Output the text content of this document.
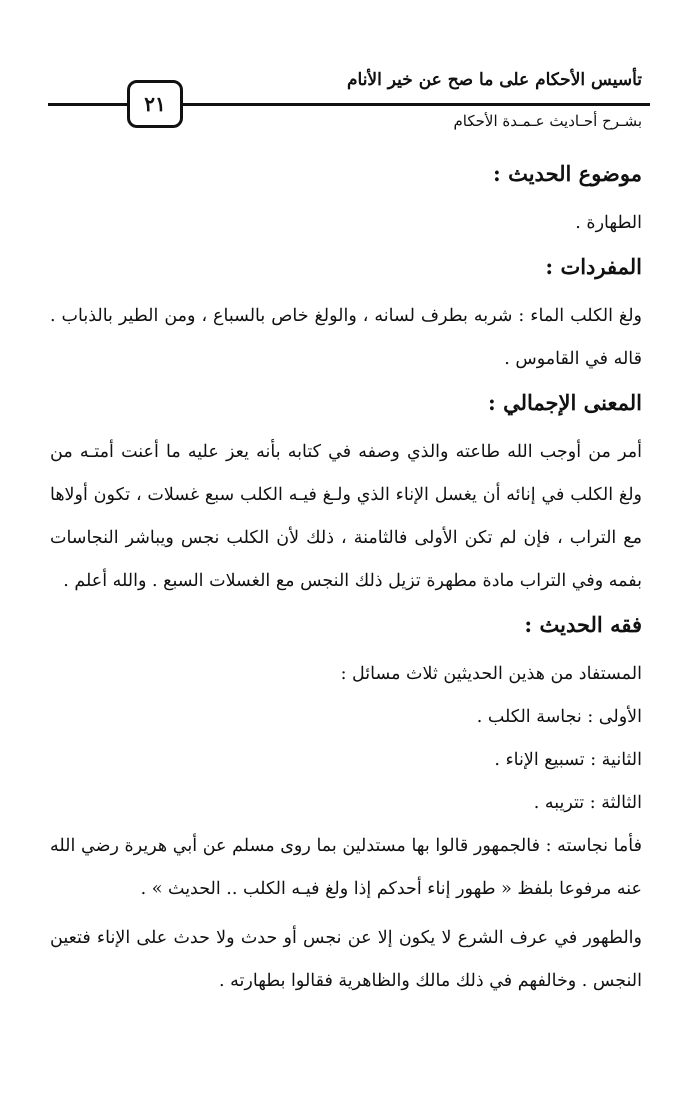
تأسيس الأحكام على ما صح عن خير الأنام
بشـرح أحـاديث عـمـدة الأحكام
٢١

موضوع الحديث :

الطهارة .

المفردات :

ولغ الكلب الماء : شربه بطرف لسانه ، والولغ خاص بالسباع ، ومن الطير بالذباب . قاله في القاموس .

المعنى الإجمالي :

أمر من أوجب الله طاعته والذي وصفه في كتابه بأنه يعز عليه ما أعنت أمتـه من ولغ الكلب في إنائه أن يغسل الإناء الذي ولـغ فيـه الكلب سبع غسلات ، تكون أولاها مع التراب ، فإن لم تكن الأولى فالثامنة ، ذلك لأن الكلب نجس ويباشر النجاسات بفمه وفي التراب مادة مطهرة تزيل ذلك النجس مع الغسلات السبع . والله أعلم .

فقه الحديث :

المستفاد من هذين الحديثين ثلاث مسائل :

الأولى : نجاسة الكلب .

الثانية : تسبيع الإناء .

الثالثة : تتريبه .

فأما نجاسته : فالجمهور قالوا بها مستدلين بما روى مسلم عن أبي هريرة رضي الله عنه مرفوعا بلفظ « طهور إناء أحدكم إذا ولغ فيـه الكلب .. الحديث » .

والطهور في عرف الشرع لا يكون إلا عن نجس أو حدث ولا حدث على الإناء فتعين النجس . وخالفهم في ذلك مالك والظاهرية فقالوا بطهارته .
